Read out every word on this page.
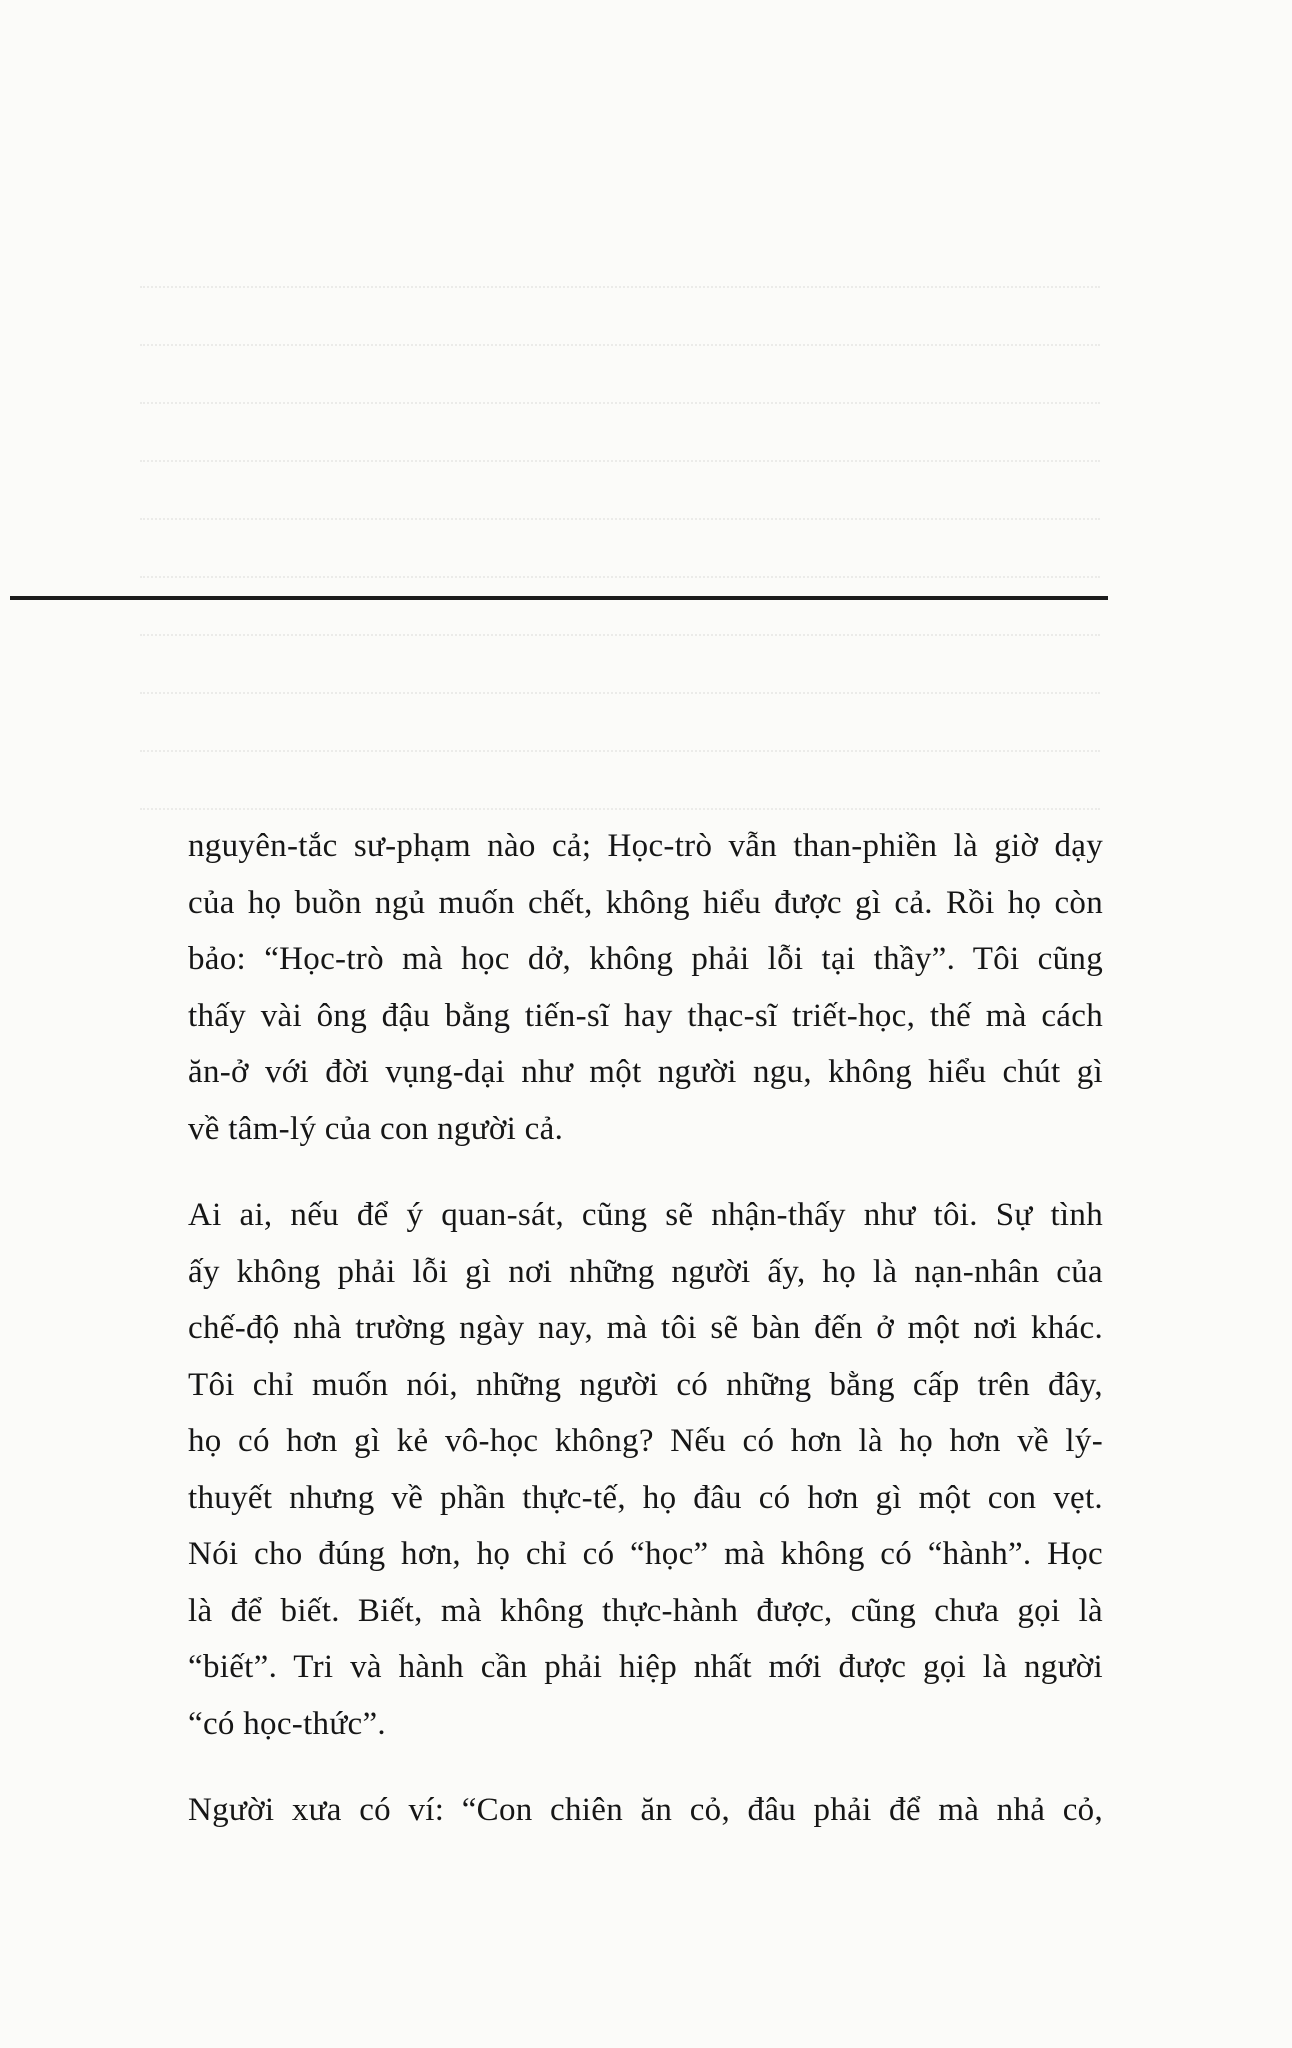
nguyên-tắc sư-phạm nào cả; Học-trò vẫn than-phiền là giờ dạy
của họ buồn ngủ muốn chết, không hiểu được gì cả. Rồi họ còn
bảo: “Học-trò mà học dở, không phải lỗi tại thầy”. Tôi cũng
thấy vài ông đậu bằng tiến-sĩ hay thạc-sĩ triết-học, thế mà cách
ăn-ở với đời vụng-dại như một người ngu, không hiểu chút gì
về tâm-lý của con người cả.

Ai ai, nếu để ý quan-sát, cũng sẽ nhận-thấy như tôi. Sự tình
ấy không phải lỗi gì nơi những người ấy, họ là nạn-nhân của
chế-độ nhà trường ngày nay, mà tôi sẽ bàn đến ở một nơi khác.
Tôi chỉ muốn nói, những người có những bằng cấp trên đây,
họ có hơn gì kẻ vô-học không? Nếu có hơn là họ hơn về lý-
thuyết nhưng về phần thực-tế, họ đâu có hơn gì một con vẹt.
Nói cho đúng hơn, họ chỉ có “học” mà không có “hành”. Học
là để biết. Biết, mà không thực-hành được, cũng chưa gọi là
“biết”. Tri và hành cần phải hiệp nhất mới được gọi là người
“có học-thức”.

Người xưa có ví: “Con chiên ăn cỏ, đâu phải để mà nhả cỏ,
